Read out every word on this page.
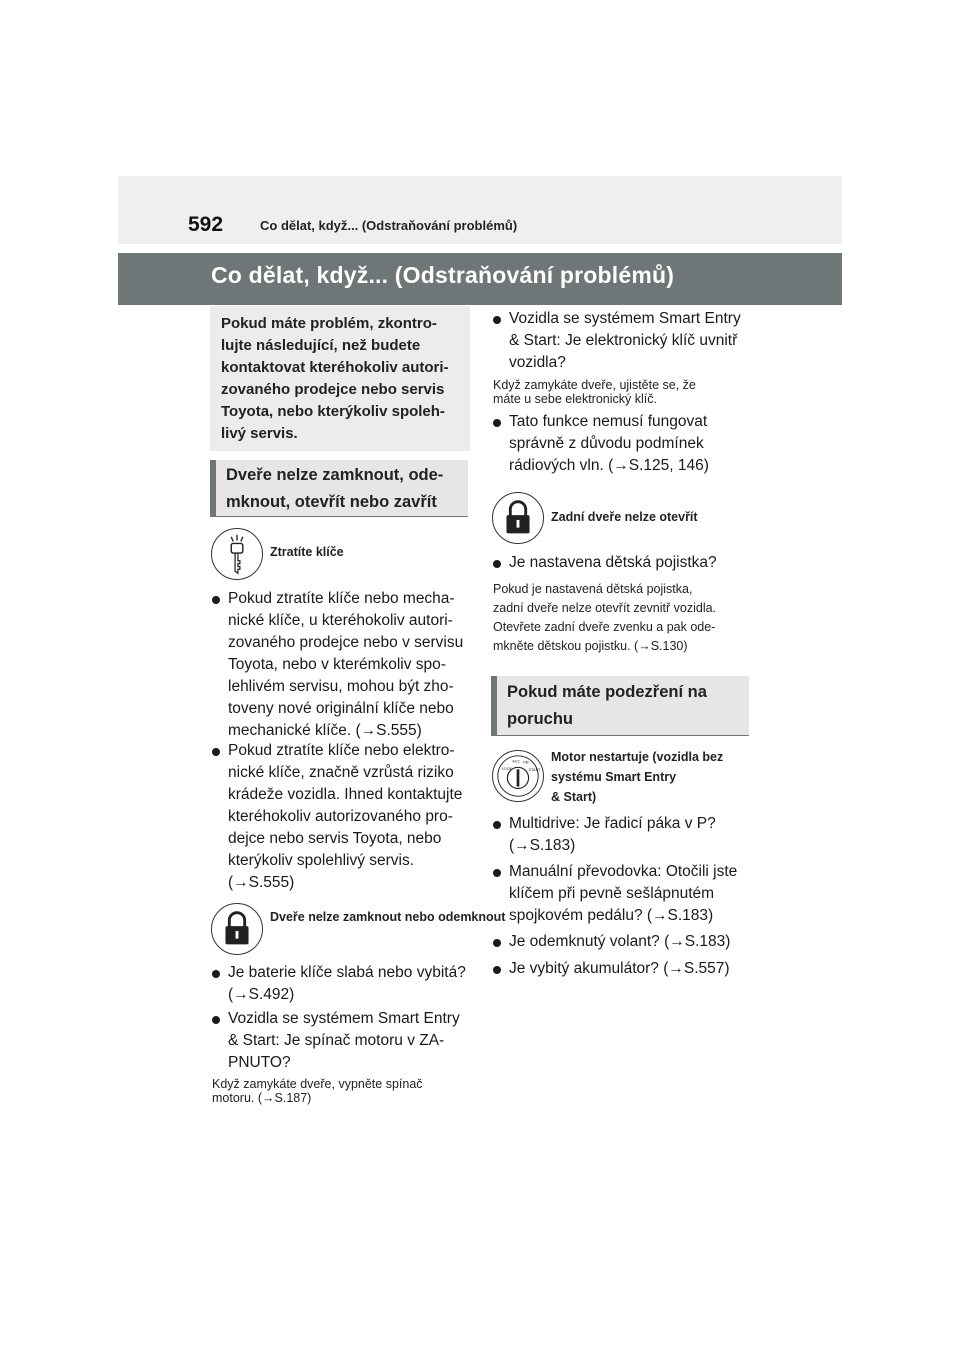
592	Co dělat, když... (Odstraňování problémů)
Co dělat, když... (Odstraňování problémů)

Pokud máte problém, zkontro-
lujte následující, než budete
kontaktovat kteréhokoliv autori-
zovaného prodejce nebo servis
Toyota, nebo kterýkoliv spoleh-
livý servis.

Dveře nelze zamknout, ode-
mknout, otevřít nebo zavřít

Ztratíte klíče
Pokud ztratíte klíče nebo mecha-
nické klíče, u kteréhokoliv autori-
zovaného prodejce nebo v servisu
Toyota, nebo v kterémkoliv spo-
lehlivém servisu, mohou být zho-
toveny nové originální klíče nebo
mechanické klíče. (→S.555)
Pokud ztratíte klíče nebo elektro-
nické klíče, značně vzrůstá riziko
krádeže vozidla. Ihned kontaktujte
kteréhokoliv autorizovaného pro-
dejce nebo servis Toyota, nebo
kterýkoliv spolehlivý servis.
(→S.555)
Dveře nelze zamknout nebo odemknout
Je baterie klíče slabá nebo vybitá?
(→S.492)
Vozidla se systémem Smart Entry
& Start: Je spínač motoru v ZA-
PNUTO?
Když zamykáte dveře, vypněte spínač
motoru. (→S.187)
Vozidla se systémem Smart Entry
& Start: Je elektronický klíč uvnitř
vozidla?
Když zamykáte dveře, ujistěte se, že
máte u sebe elektronický klíč.
Tato funkce nemusí fungovat
správně z důvodu podmínek
rádiových vln. (→S.125, 146)
Zadní dveře nelze otevřít
Je nastavena dětská pojistka?
Pokud je nastavená dětská pojistka,
zadní dveře nelze otevřít zevnitř vozidla.
Otevřete zadní dveře zvenku a pak ode-
mkněte dětskou pojistku. (→S.130)

Pokud máte podezření na
poruchu

LOCK
ACC ON
START
Motor nestartuje (vozidla bez
systému Smart Entry
& Start)
Multidrive: Je řadicí páka v P?
(→S.183)
Manuální převodovka: Otočili jste
klíčem při pevně sešlápnutém
spojkovém pedálu? (→S.183)
Je odemknutý volant? (→S.183)
Je vybitý akumulátor? (→S.557)
